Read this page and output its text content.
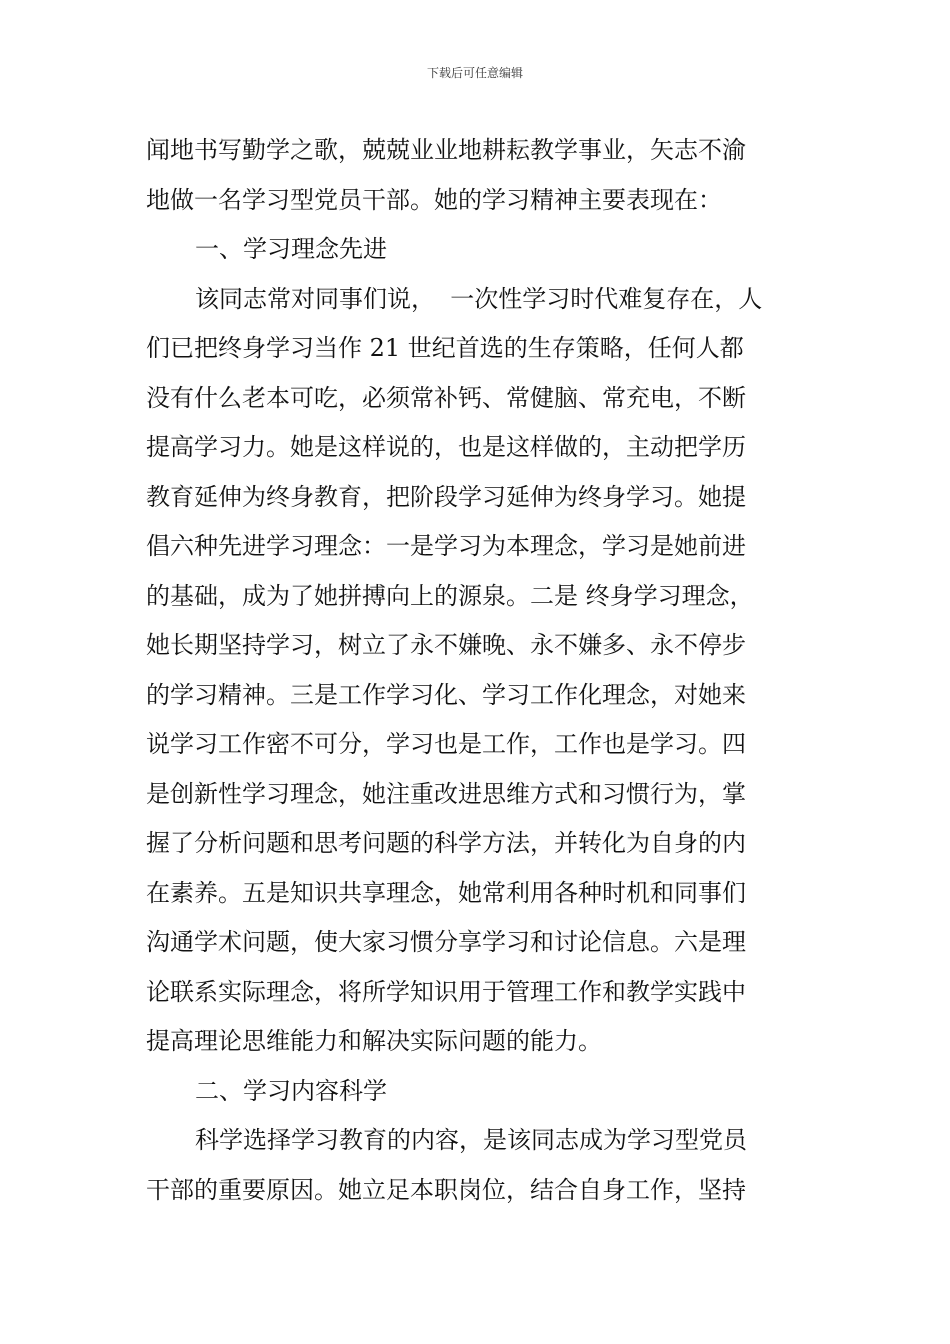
下载后可任意编辑
闻地书写勤学之歌，兢兢业业地耕耘教学事业，矢志不渝
地做一名学习型党员干部。她的学习精神主要表现在：
一、学习理念先进
该同志常对同事们说，  一次性学习时代难复存在，人
们已把终身学习当作 21 世纪首选的生存策略，任何人都
没有什么老本可吃，必须常补钙、常健脑、常充电，不断
提高学习力。她是这样说的，也是这样做的，主动把学历
教育延伸为终身教育，把阶段学习延伸为终身学习。她提
倡六种先进学习理念：一是学习为本理念，学习是她前进
的基础，成为了她拼搏向上的源泉。二是 终身学习理念，
她长期坚持学习，树立了永不嫌晚、永不嫌多、永不停步
的学习精神。三是工作学习化、学习工作化理念，对她来
说学习工作密不可分，学习也是工作，工作也是学习。四
是创新性学习理念，她注重改进思维方式和习惯行为，掌
握了分析问题和思考问题的科学方法，并转化为自身的内
在素养。五是知识共享理念，她常利用各种时机和同事们
沟通学术问题，使大家习惯分享学习和讨论信息。六是理
论联系实际理念，将所学知识用于管理工作和教学实践中
提高理论思维能力和解决实际问题的能力。
二、学习内容科学
科学选择学习教育的内容，是该同志成为学习型党员
干部的重要原因。她立足本职岗位，结合自身工作，坚持
